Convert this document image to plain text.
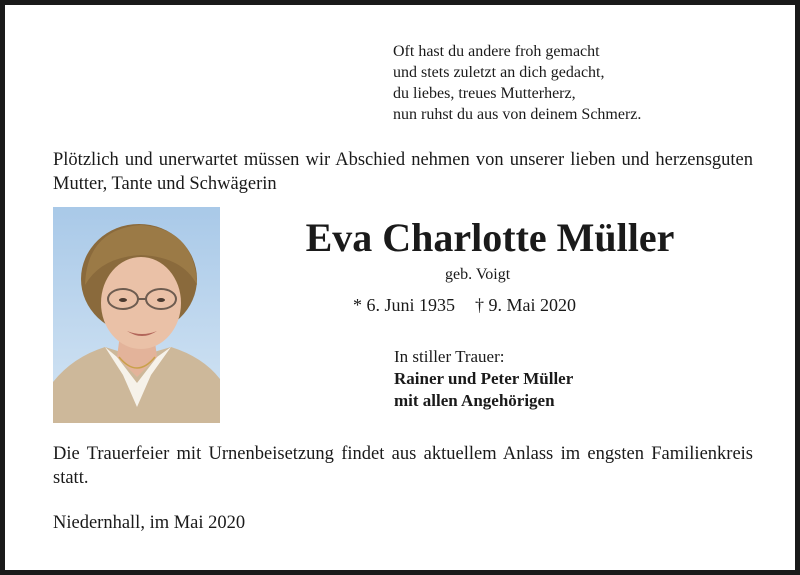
Oft hast du andere froh gemacht
und stets zuletzt an dich gedacht,
du liebes, treues Mutterherz,
nun ruhst du aus von deinem Schmerz.
Plötzlich und unerwartet müssen wir Abschied nehmen von unserer lieben und herzensguten Mutter, Tante und Schwägerin
Eva Charlotte Müller
geb. Voigt
* 6. Juni 1935 † 9. Mai 2020
In stiller Trauer:
Rainer und Peter Müller
mit allen Angehörigen
Die Trauerfeier mit Urnenbeisetzung findet aus aktuellem Anlass im engsten Familienkreis statt.
Niedernhall, im Mai 2020
